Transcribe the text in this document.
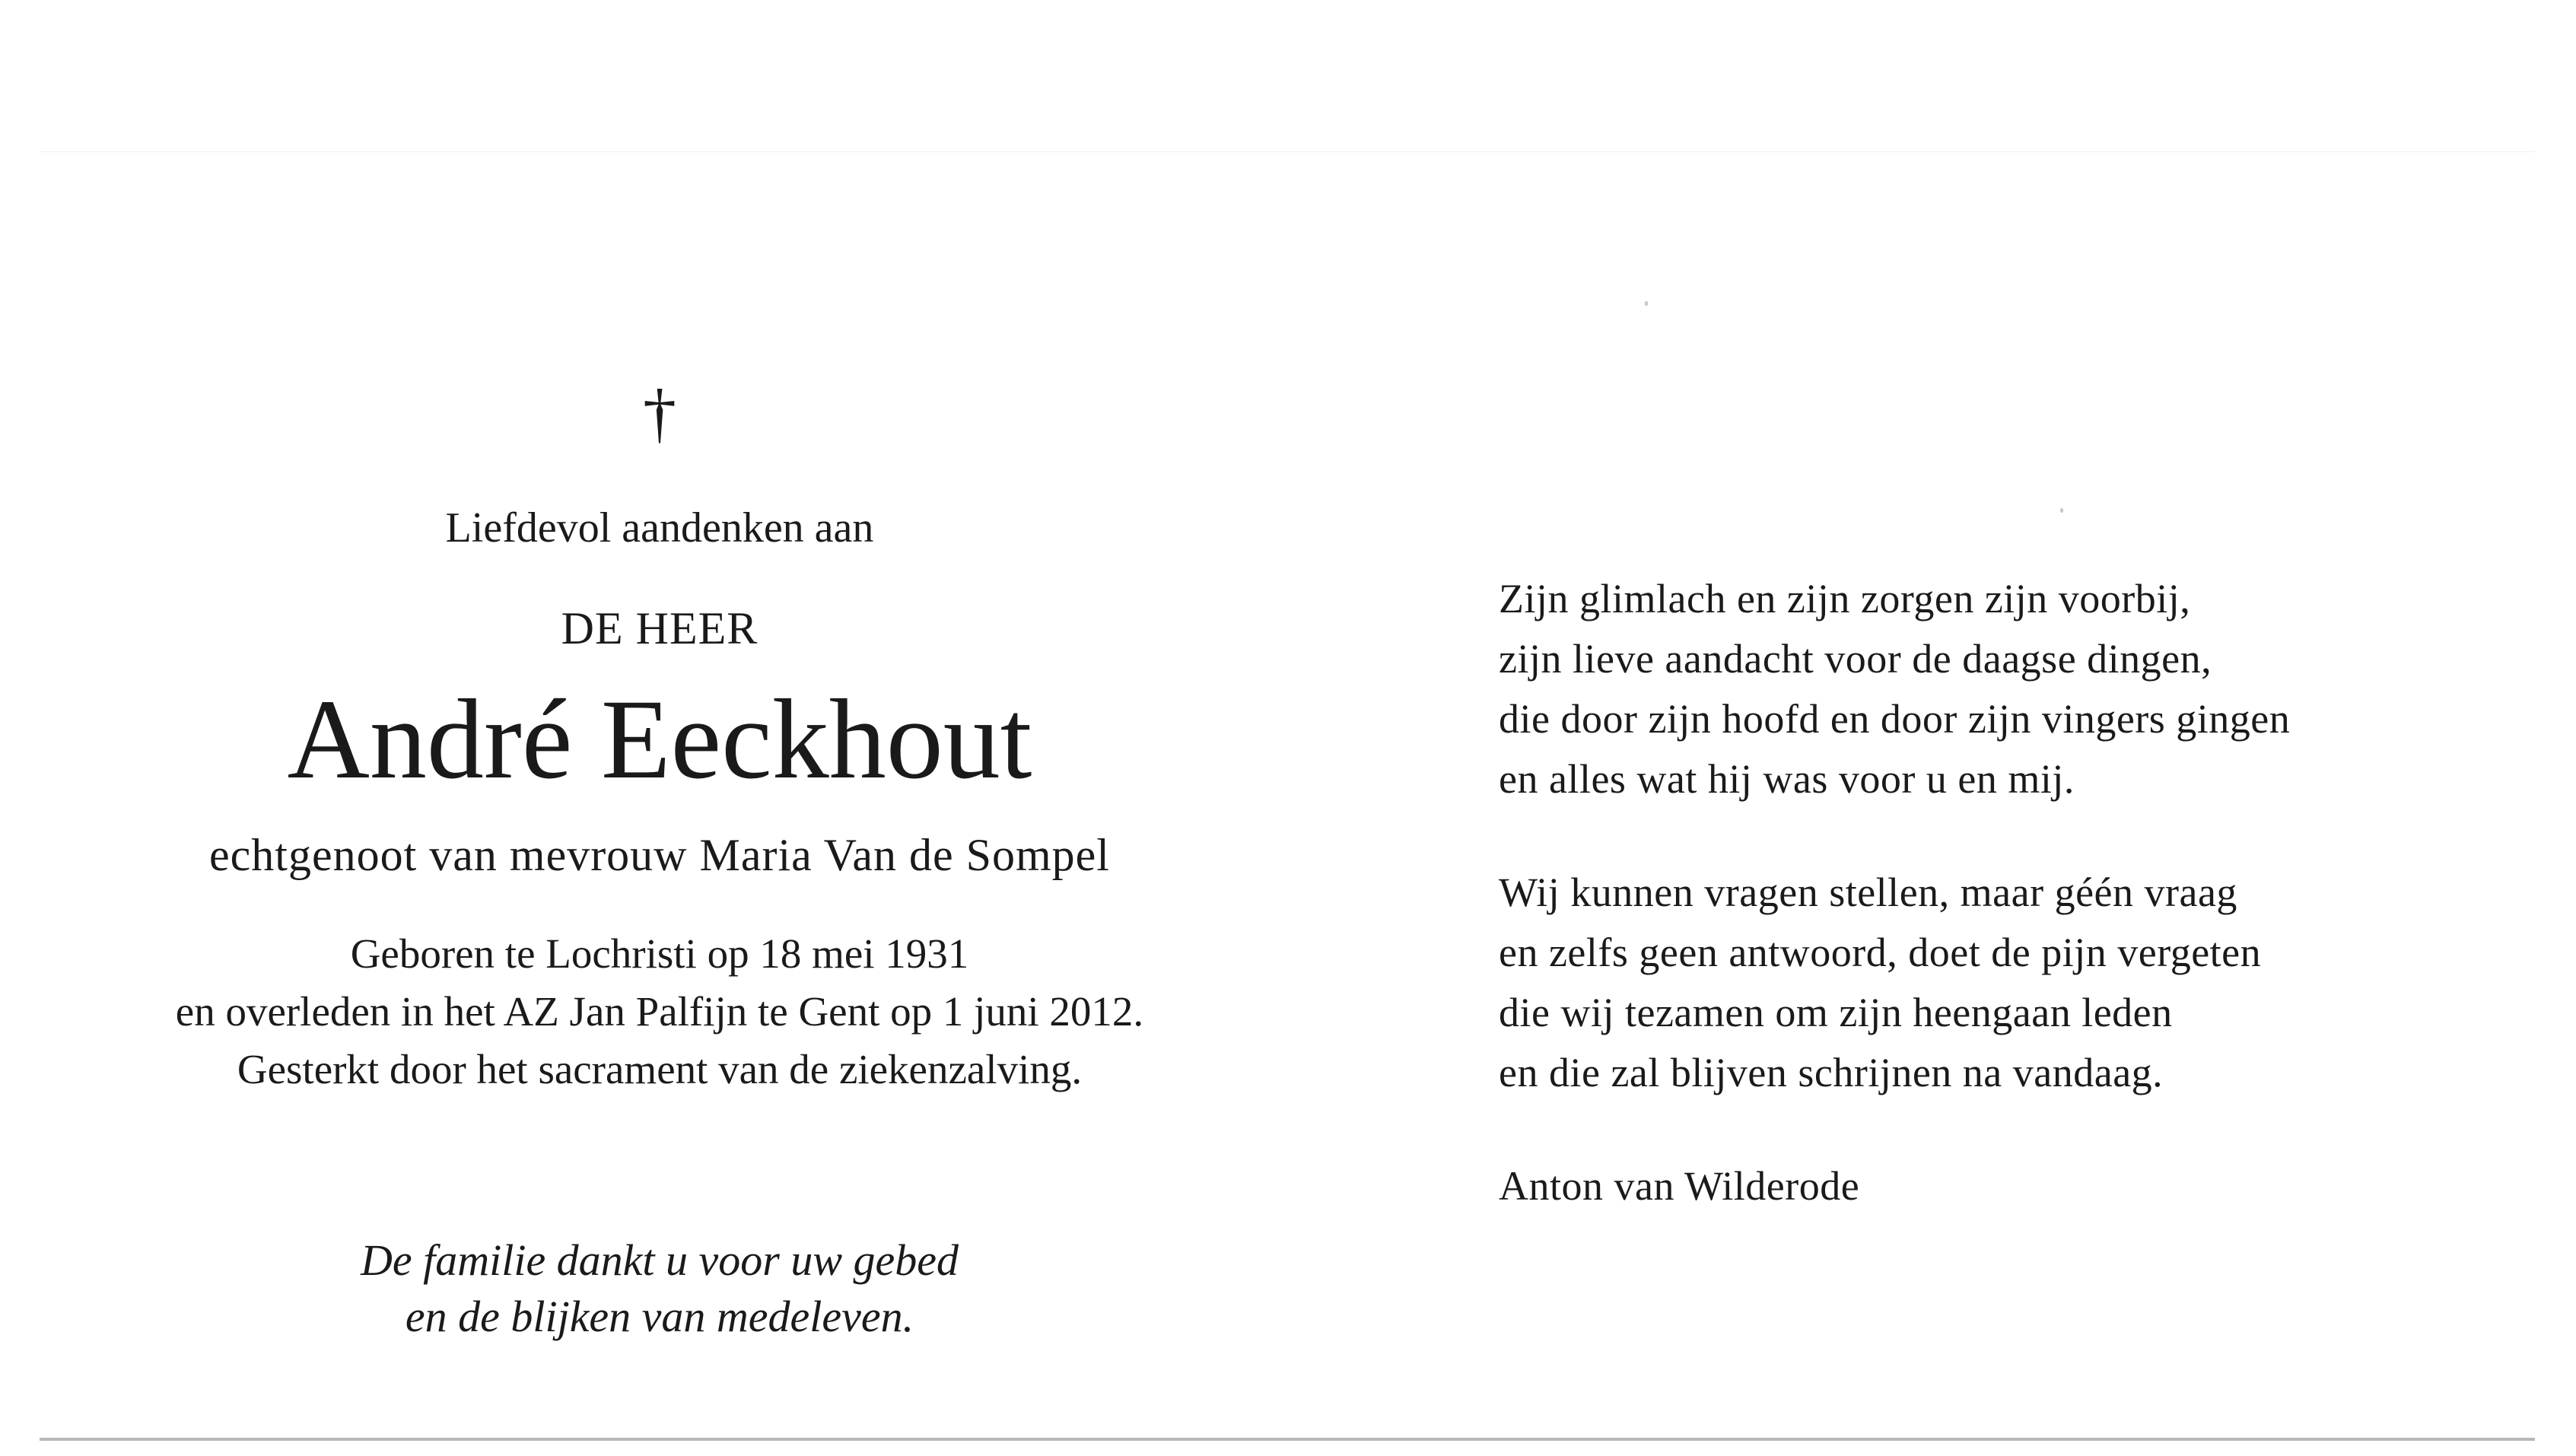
†
Liefdevol aandenken aan
DE HEER
André Eeckhout
echtgenoot van mevrouw Maria Van de Sompel
Geboren te Lochristi op 18 mei 1931
en overleden in het AZ Jan Palfijn te Gent op 1 juni 2012.
Gesterkt door het sacrament van de ziekenzalving.
De familie dankt u voor uw gebed
en de blijken van medeleven.
Zijn glimlach en zijn zorgen zijn voorbij,
zijn lieve aandacht voor de daagse dingen,
die door zijn hoofd en door zijn vingers gingen
en alles wat hij was voor u en mij.
Wij kunnen vragen stellen, maar géén vraag
en zelfs geen antwoord, doet de pijn vergeten
die wij tezamen om zijn heengaan leden
en die zal blijven schrijnen na vandaag.
Anton van Wilderode
